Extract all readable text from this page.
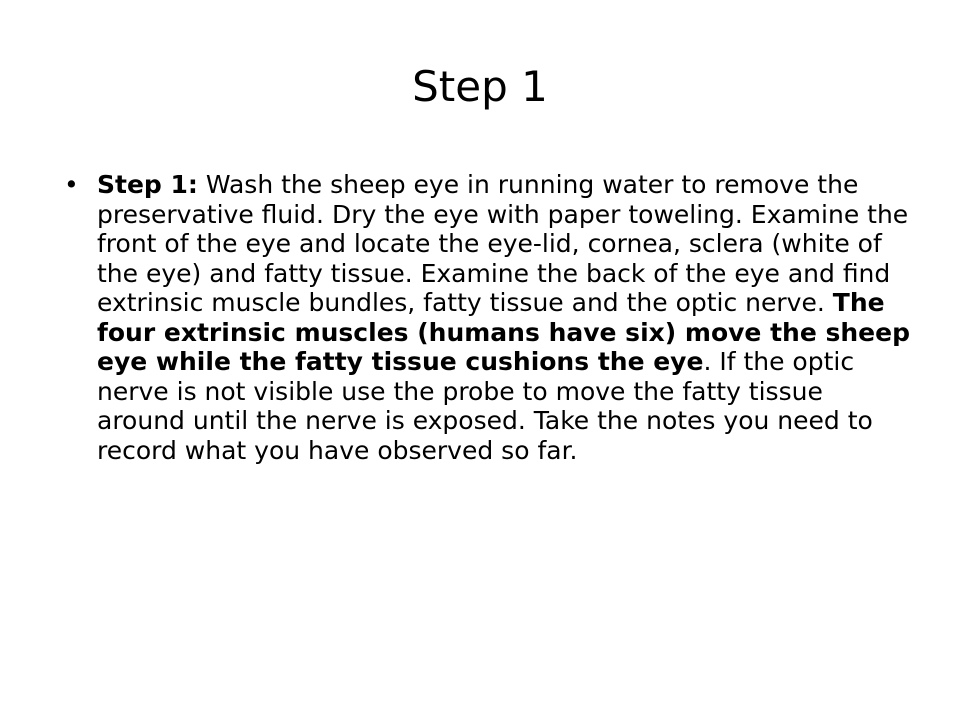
Step 1
• Step 1: Wash the sheep eye in running water to remove the preservative fluid. Dry the eye with paper toweling. Examine the front of the eye and locate the eye-lid, cornea, sclera (white of the eye) and fatty tissue. Examine the back of the eye and find extrinsic muscle bundles, fatty tissue and the optic nerve. The four extrinsic muscles (humans have six) move the sheep eye while the fatty tissue cushions the eye. If the optic nerve is not visible use the probe to move the fatty tissue around until the nerve is exposed. Take the notes you need to record what you have observed so far.
